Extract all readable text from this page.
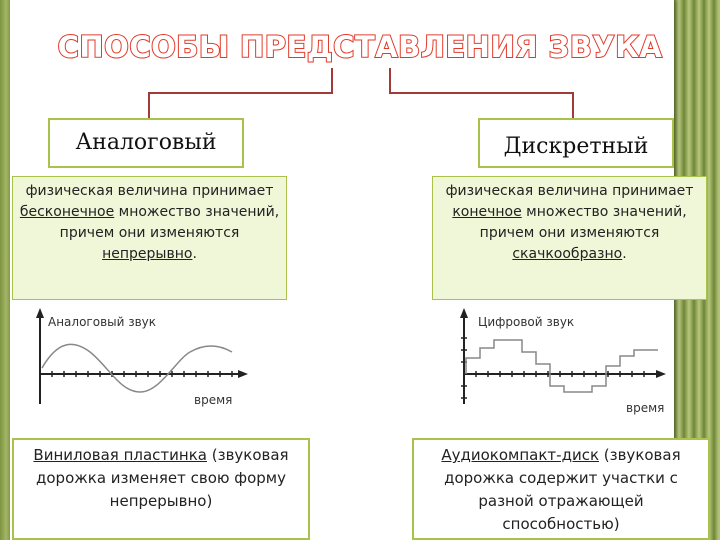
СПОСОБЫ ПРЕДСТАВЛЕНИЯ ЗВУКА
Аналоговый	Дискретный
физическая величина принимает бесконечное множество значений, причем они изменяются непрерывно.
физическая величина принимает конечное множество значений, причем они изменяются скачкообразно.
Аналоговый звук
время
Цифровой звук
время
Виниловая пластинка (звуковая дорожка изменяет свою форму непрерывно)
Аудиокомпакт-диск (звуковая дорожка содержит участки с разной отражающей способностью)
